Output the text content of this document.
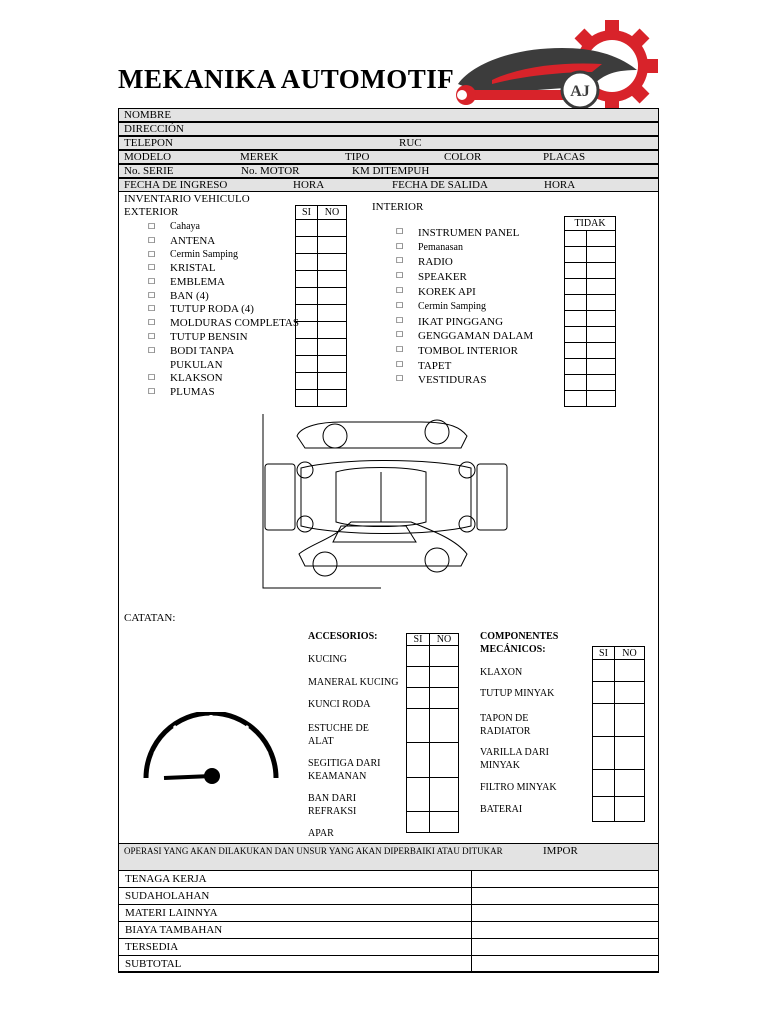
MEKANIKA AUTOMOTIF	AJ
NOMBRE
DIRECCIÓN
TELEPON	RUC
MODELO	MEREK	TIPO	COLOR	PLACAS
No. SERIE	No. MOTOR	KM DITEMPUH
FECHA DE INGRESO	HORA	FECHA DE SALIDA	HORA
INVENTARIO VEHICULO
EXTERIOR	INTERIOR
SI	NO

☐ Cahaya
☐ ANTENA
☐ Cermin Samping
☐ KRISTAL
☐ EMBLEMA
☐ BAN (4)
☐ TUTUP RODA (4)
☐ MOLDURAS COMPLETAS
☐ TUTUP BENSIN
☐ BODI TANPA
PUKULAN
☐ KLAKSON
☐ PLUMAS
☐ INSTRUMEN PANEL
☐ Pemanasan
☐ RADIO
☐ SPEAKER
☐ KOREK API
☐ Cermin Samping
☐ IKAT PINGGANG
☐ GENGGAMAN DALAM
☐ TOMBOL INTERIOR
☐ TAPET
☐ VESTIDURAS
TIDAK	

CATATAN:
ACCESORIOS:
KUCING
MANERAL KUCING
KUNCI RODA
ESTUCHE DE ALAT
SEGITIGA DARI KEAMANAN
BAN DARI REFRAKSI
APAR
SI	NO

		COMPONENTES MECÁNICOS:
KLAXON
TUTUP MINYAK
TAPON DE RADIATOR
VARILLA DARI MINYAK
FILTRO MINYAK
BATERAI
SI	NO

OPERASI YANG AKAN DILAKUKAN DAN UNSUR YANG AKAN DIPERBAIKI ATAU DITUKAR	IMPOR
TENAGA KERJA	
SUDAHOLAHAN	
MATERI LAINNYA	
BIAYA TAMBAHAN	
TERSEDIA	
SUBTOTAL	
